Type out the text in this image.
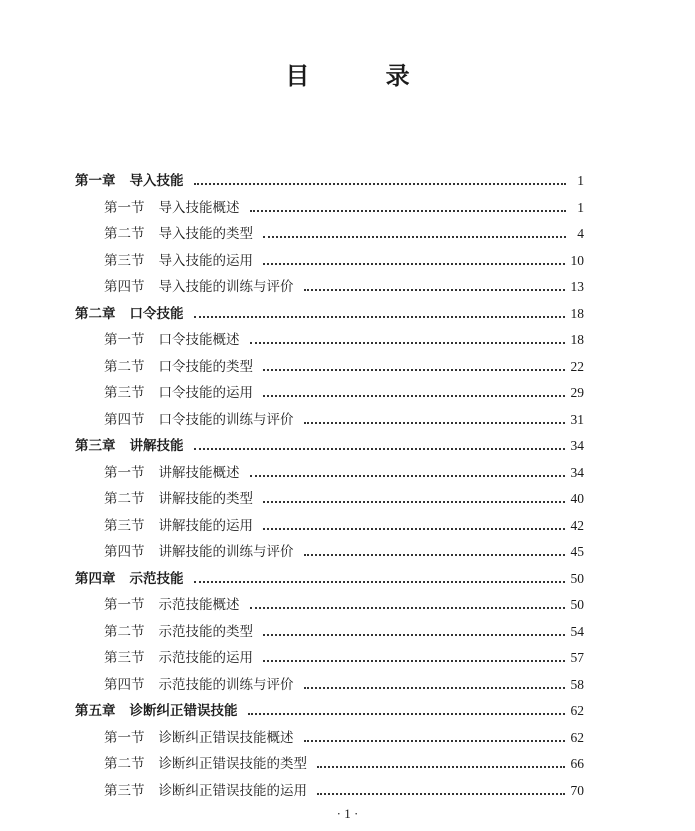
目 录
第一章 导入技能	1
第一节 导入技能概述	1
第二节 导入技能的类型	4
第三节 导入技能的运用	10
第四节 导入技能的训练与评价	13
第二章 口令技能	18
第一节 口令技能概述	18
第二节 口令技能的类型	22
第三节 口令技能的运用	29
第四节 口令技能的训练与评价	31
第三章 讲解技能	34
第一节 讲解技能概述	34
第二节 讲解技能的类型	40
第三节 讲解技能的运用	42
第四节 讲解技能的训练与评价	45
第四章 示范技能	50
第一节 示范技能概述	50
第二节 示范技能的类型	54
第三节 示范技能的运用	57
第四节 示范技能的训练与评价	58
第五章 诊断纠正错误技能	62
第一节 诊断纠正错误技能概述	62
第二节 诊断纠正错误技能的类型	66
第三节 诊断纠正错误技能的运用	70
· 1 ·
